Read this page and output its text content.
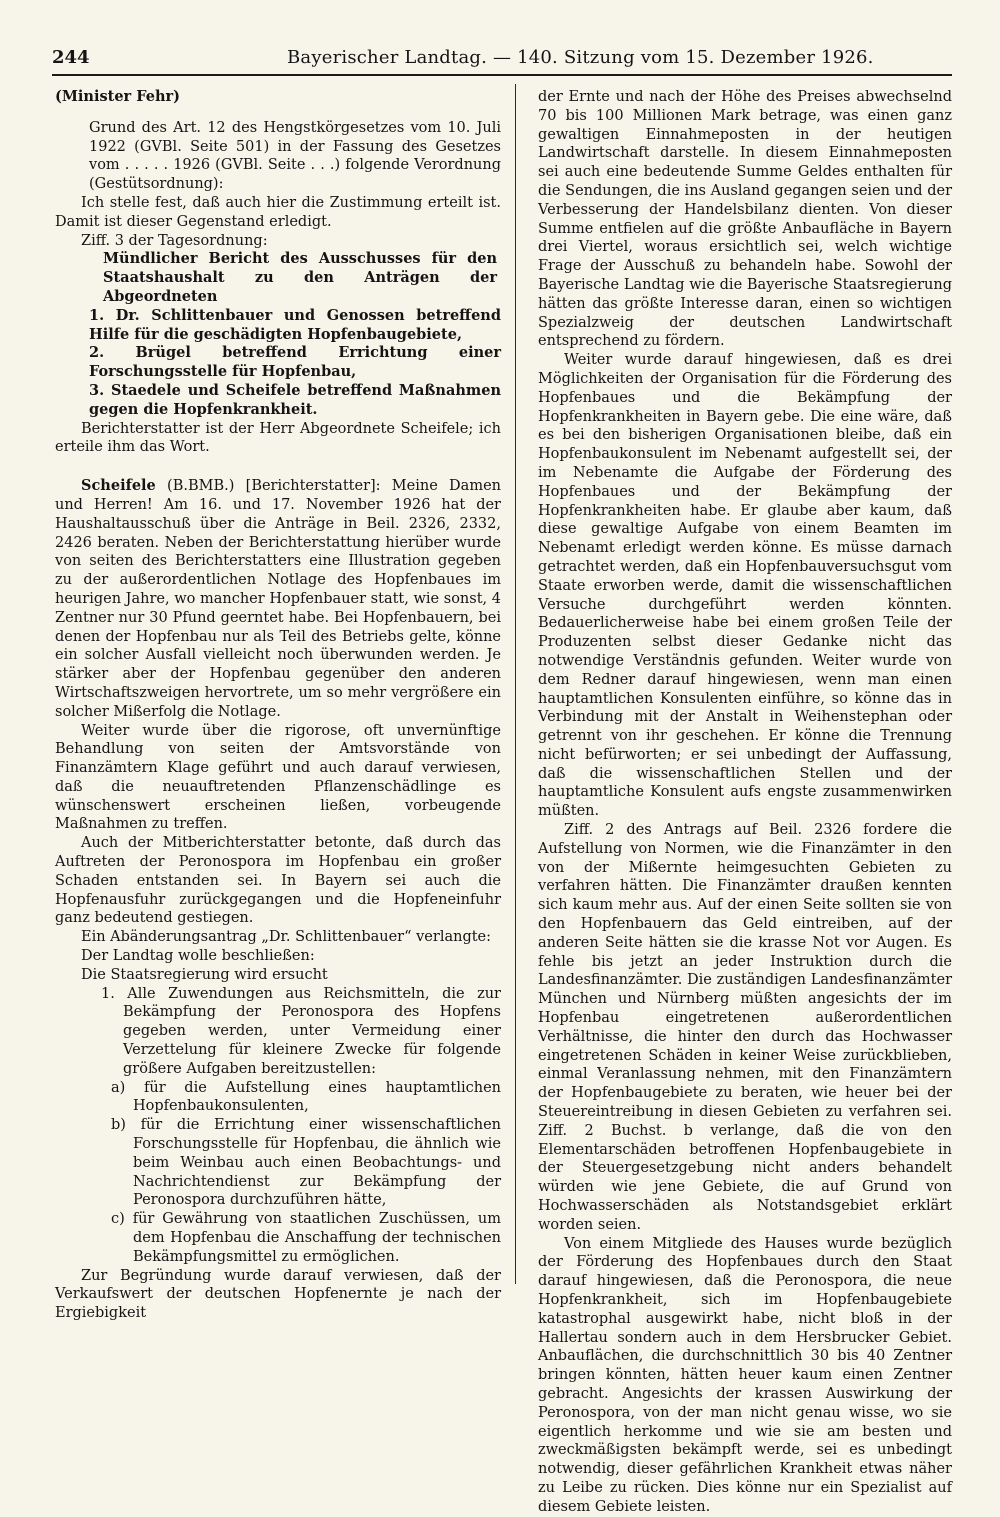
244	Bayerischer Landtag. — 140. Sitzung vom 15. Dezember 1926.

(Minister Fehr)

Grund des Art. 12 des Hengstkörgesetzes vom 10. Juli 1922 (GVBl. Seite 501) in der Fassung des Gesetzes vom . . . . . 1926 (GVBl. Seite . . .) folgende Verordnung (Gestütsordnung):

Ich stelle fest, daß auch hier die Zustimmung erteilt ist. Damit ist dieser Gegenstand erledigt.

Ziff. 3 der Tagesordnung:

Mündlicher Bericht des Ausschusses für den Staatshaushalt zu den Anträgen der Abgeordneten

1. Dr. Schlittenbauer und Genossen betreffend Hilfe für die geschädigten Hopfenbaugebiete,

2. Brügel betreffend Errichtung einer Forschungsstelle für Hopfenbau,

3. Staedele und Scheifele betreffend Maßnahmen gegen die Hopfenkrankheit.

Berichterstatter ist der Herr Abgeordnete Scheifele; ich erteile ihm das Wort.

Scheifele (B.BMB.) [Berichterstatter]: Meine Damen und Herren! Am 16. und 17. November 1926 hat der Haushaltausschuß über die Anträge in Beil. 2326, 2332, 2426 beraten. Neben der Berichterstattung hierüber wurde von seiten des Berichterstatters eine Illustration gegeben zu der außerordentlichen Notlage des Hopfenbaues im heurigen Jahre, wo mancher Hopfenbauer statt, wie sonst, 4 Zentner nur 30 Pfund geerntet habe. Bei Hopfenbauern, bei denen der Hopfenbau nur als Teil des Betriebs gelte, könne ein solcher Ausfall vielleicht noch überwunden werden. Je stärker aber der Hopfenbau gegenüber den anderen Wirtschaftszweigen hervortrete, um so mehr vergrößere ein solcher Mißerfolg die Notlage.

Weiter wurde über die rigorose, oft unvernünftige Behandlung von seiten der Amtsvorstände von Finanzämtern Klage geführt und auch darauf verwiesen, daß die neuauftretenden Pflanzenschädlinge es wünschenswert erscheinen ließen, vorbeugende Maßnahmen zu treffen.

Auch der Mitberichterstatter betonte, daß durch das Auftreten der Peronospora im Hopfenbau ein großer Schaden entstanden sei. In Bayern sei auch die Hopfenausfuhr zurückgegangen und die Hopfeneinfuhr ganz bedeutend gestiegen.

Ein Abänderungsantrag „Dr. Schlittenbauer“ verlangte:

Der Landtag wolle beschließen:

Die Staatsregierung wird ersucht

1. Alle Zuwendungen aus Reichsmitteln, die zur Bekämpfung der Peronospora des Hopfens gegeben werden, unter Vermeidung einer Verzettelung für kleinere Zwecke für folgende größere Aufgaben bereitzustellen:

a) für die Aufstellung eines hauptamtlichen Hopfenbaukonsulenten,

b) für die Errichtung einer wissenschaftlichen Forschungsstelle für Hopfenbau, die ähnlich wie beim Weinbau auch einen Beobachtungs- und Nachrichtendienst zur Bekämpfung der Peronospora durchzuführen hätte,

c) für Gewährung von staatlichen Zuschüssen, um dem Hopfenbau die Anschaffung der technischen Bekämpfungsmittel zu ermöglichen.

Zur Begründung wurde darauf verwiesen, daß der Verkaufswert der deutschen Hopfenernte je nach der Ergiebigkeit

der Ernte und nach der Höhe des Preises abwechselnd 70 bis 100 Millionen Mark betrage, was einen ganz gewaltigen Einnahmeposten in der heutigen Landwirtschaft darstelle. In diesem Einnahmeposten sei auch eine bedeutende Summe Geldes enthalten für die Sendungen, die ins Ausland gegangen seien und der Verbesserung der Handelsbilanz dienten. Von dieser Summe entfielen auf die größte Anbaufläche in Bayern drei Viertel, woraus ersichtlich sei, welch wichtige Frage der Ausschuß zu behandeln habe. Sowohl der Bayerische Landtag wie die Bayerische Staatsregierung hätten das größte Interesse daran, einen so wichtigen Spezialzweig der deutschen Landwirtschaft entsprechend zu fördern.

Weiter wurde darauf hingewiesen, daß es drei Möglichkeiten der Organisation für die Förderung des Hopfenbaues und die Bekämpfung der Hopfenkrankheiten in Bayern gebe. Die eine wäre, daß es bei den bisherigen Organisationen bleibe, daß ein Hopfenbaukonsulent im Nebenamt aufgestellt sei, der im Nebenamte die Aufgabe der Förderung des Hopfenbaues und der Bekämpfung der Hopfenkrankheiten habe. Er glaube aber kaum, daß diese gewaltige Aufgabe von einem Beamten im Nebenamt erledigt werden könne. Es müsse darnach getrachtet werden, daß ein Hopfenbauversuchsgut vom Staate erworben werde, damit die wissenschaftlichen Versuche durchgeführt werden könnten. Bedauerlicherweise habe bei einem großen Teile der Produzenten selbst dieser Gedanke nicht das notwendige Verständnis gefunden. Weiter wurde von dem Redner darauf hingewiesen, wenn man einen hauptamtlichen Konsulenten einführe, so könne das in Verbindung mit der Anstalt in Weihenstephan oder getrennt von ihr geschehen. Er könne die Trennung nicht befürworten; er sei unbedingt der Auffassung, daß die wissenschaftlichen Stellen und der hauptamtliche Konsulent aufs engste zusammenwirken müßten.

Ziff. 2 des Antrags auf Beil. 2326 fordere die Aufstellung von Normen, wie die Finanzämter in den von der Mißernte heimgesuchten Gebieten zu verfahren hätten. Die Finanzämter draußen kennten sich kaum mehr aus. Auf der einen Seite sollten sie von den Hopfenbauern das Geld eintreiben, auf der anderen Seite hätten sie die krasse Not vor Augen. Es fehle bis jetzt an jeder Instruktion durch die Landesfinanzämter. Die zuständigen Landesfinanzämter München und Nürnberg müßten angesichts der im Hopfenbau eingetretenen außerordentlichen Verhältnisse, die hinter den durch das Hochwasser eingetretenen Schäden in keiner Weise zurückblieben, einmal Veranlassung nehmen, mit den Finanzämtern der Hopfenbaugebiete zu beraten, wie heuer bei der Steuereintreibung in diesen Gebieten zu verfahren sei. Ziff. 2 Buchst. b verlange, daß die von den Elementarschäden betroffenen Hopfenbaugebiete in der Steuergesetzgebung nicht anders behandelt würden wie jene Gebiete, die auf Grund von Hochwasserschäden als Notstandsgebiet erklärt worden seien.

Von einem Mitgliede des Hauses wurde bezüglich der Förderung des Hopfenbaues durch den Staat darauf hingewiesen, daß die Peronospora, die neue Hopfenkrankheit, sich im Hopfenbaugebiete katastrophal ausgewirkt habe, nicht bloß in der Hallertau sondern auch in dem Hersbrucker Gebiet. Anbauflächen, die durchschnittlich 30 bis 40 Zentner bringen könnten, hätten heuer kaum einen Zentner gebracht. Angesichts der krassen Auswirkung der Peronospora, von der man nicht genau wisse, wo sie eigentlich herkomme und wie sie am besten und zweckmäßigsten bekämpft werde, sei es unbedingt notwendig, dieser gefährlichen Krankheit etwas näher zu Leibe zu rücken. Dies könne nur ein Spezialist auf diesem Gebiete leisten.
